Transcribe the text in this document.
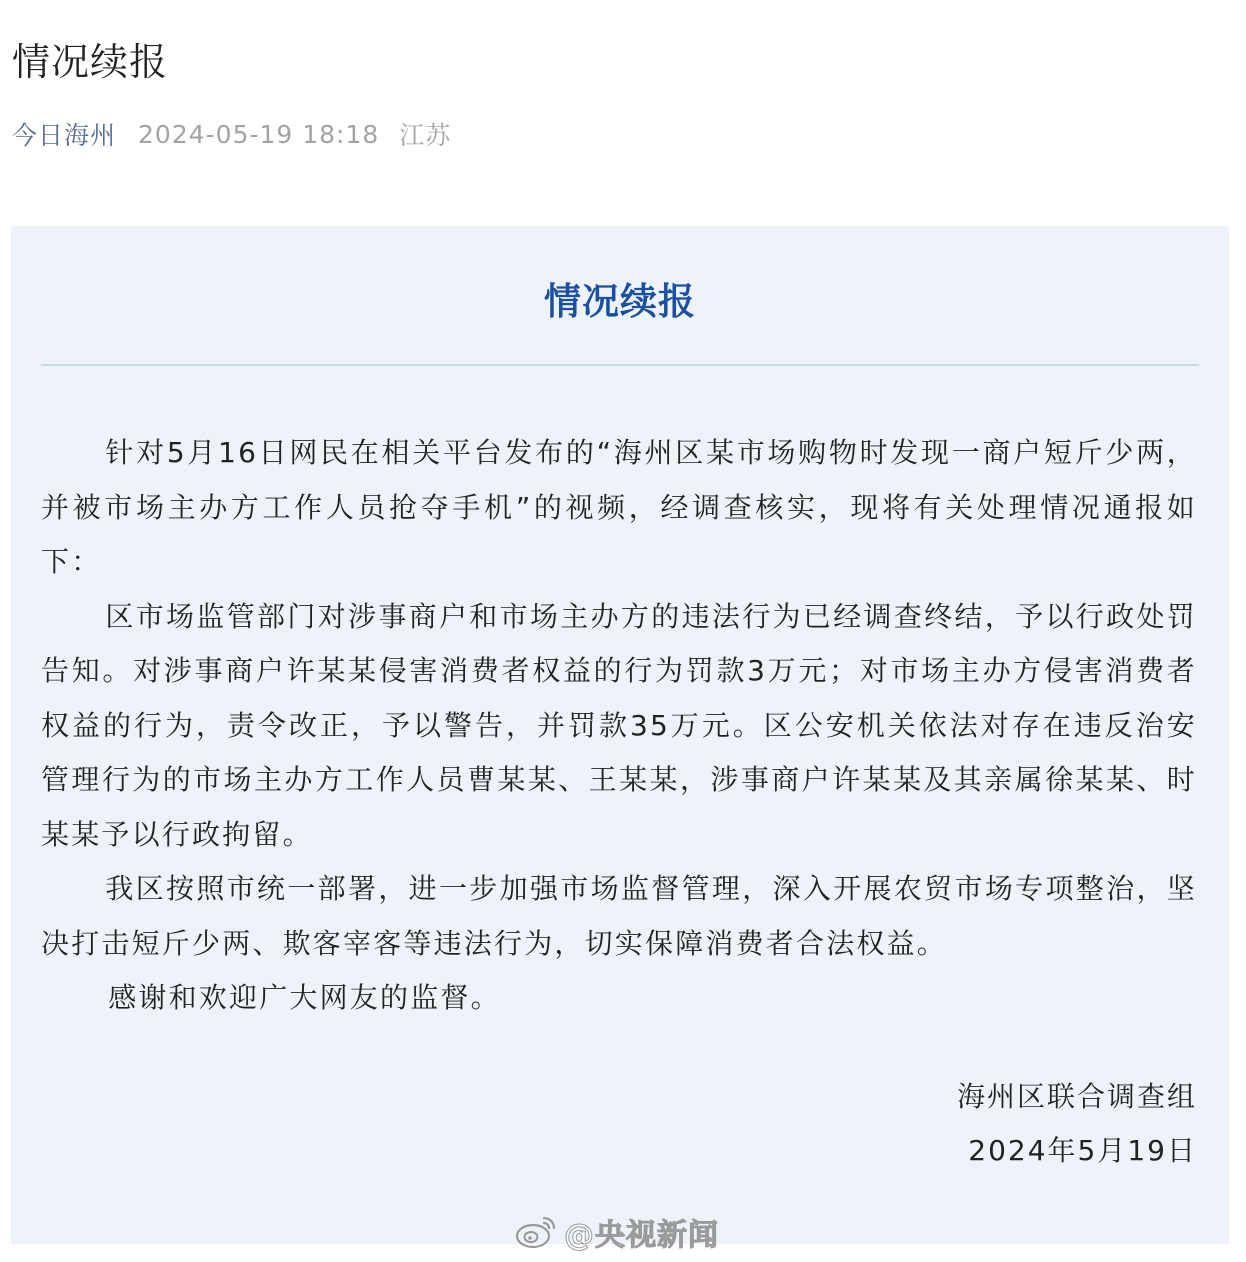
情况续报
今日海州 2024-05-19 18:18 江苏
情况续报

针对5月16日网民在相关平台发布的“海州区某市场购物时发现一商户短斤少两，并被市场主办方工作人员抢夺手机”的视频，经调查核实，现将有关处理情况通报如下：

区市场监管部门对涉事商户和市场主办方的违法行为已经调查终结，予以行政处罚告知。对涉事商户许某某侵害消费者权益的行为罚款3万元；对市场主办方侵害消费者权益的行为，责令改正，予以警告，并罚款35万元。区公安机关依法对存在违反治安管理行为的市场主办方工作人员曹某某、王某某，涉事商户许某某及其亲属徐某某、时某某予以行政拘留。

我区按照市统一部署，进一步加强市场监督管理，深入开展农贸市场专项整治，坚决打击短斤少两、欺客宰客等违法行为，切实保障消费者合法权益。

感谢和欢迎广大网友的监督。

海州区联合调查组
2024年5月19日
@央视新闻
